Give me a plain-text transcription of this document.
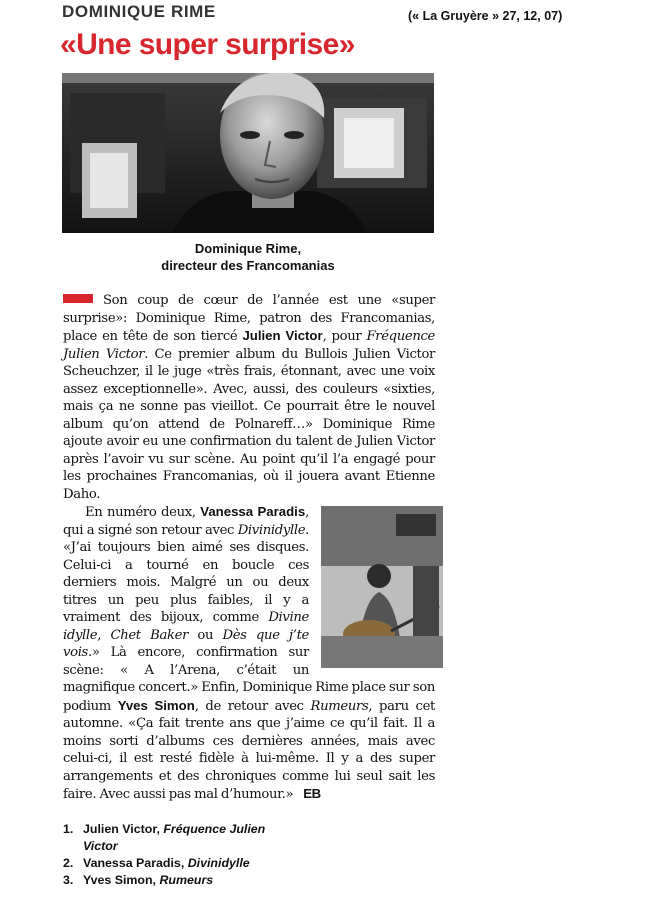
DOMINIQUE RIME	(« La Gruyère » 27, 12, 07)
«Une super surprise»
Dominique Rime,
directeur des Francomanias

Son coup de cœur de l’année est une «super surprise»: Dominique Rime, patron des Francomanias, place en tête de son tiercé Julien Victor, pour Fréquence Julien Victor. Ce premier album du Bullois Julien Victor Scheuchzer, il le juge «très frais, étonnant, avec une voix assez exceptionnelle». Avec, aussi, des couleurs «sixties, mais ça ne sonne pas vieillot. Ce pourrait être le nouvel album qu’on attend de Polnareff…» Dominique Rime ajoute avoir eu une confirmation du talent de Julien Victor après l’avoir vu sur scène. Au point qu’il l’a engagé pour les prochaines Francomanias, où il jouera avant Etienne Daho.

En numéro deux, Vanessa Paradis, qui a signé son retour avec Divinidylle. «J’ai toujours bien aimé ses disques. Celui-ci a tourné en boucle ces derniers mois. Malgré un ou deux titres un peu plus faibles, il y a vraiment des bijoux, comme Divine idylle, Chet Baker ou Dès que j’te vois.» Là encore, confirmation sur scène: « A l’Arena, c’était un magnifique concert.» Enfin, Dominique Rime place sur son podium Yves Simon, de retour avec Rumeurs, paru cet automne. «Ça fait trente ans que j’aime ce qu’il fait. Il a moins sorti d’albums ces dernières années, mais avec celui-ci, il est resté fidèle à lui-même. Il y a des super arrangements et des chroniques comme lui seul sait les faire. Avec aussi pas mal d’humour.» EB

1. Julien Victor, Fréquence Julien Victor
2. Vanessa Paradis, Divinidylle
3. Yves Simon, Rumeurs
